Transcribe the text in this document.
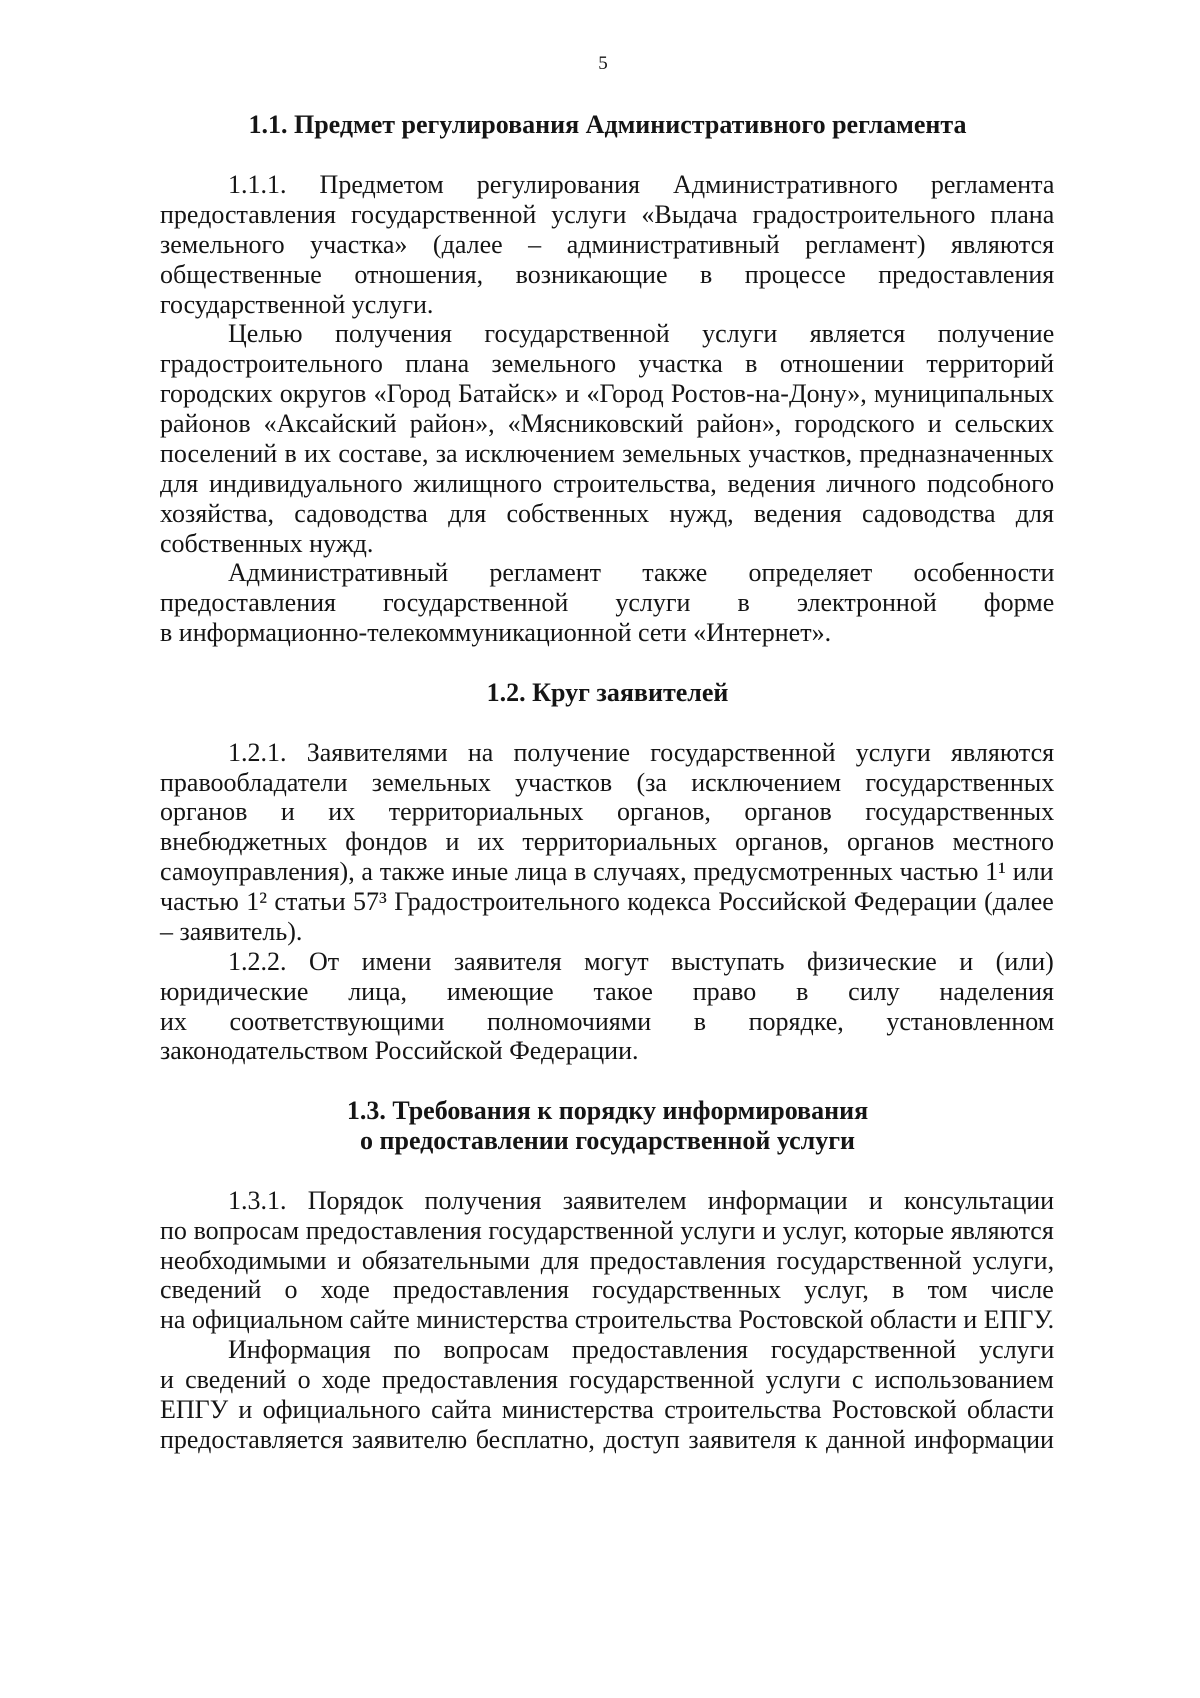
5
1.1. Предмет регулирования Административного регламента
1.1.1. Предметом регулирования Административного регламента
предоставления государственной услуги «Выдача градостроительного плана
земельного участка» (далее – административный регламент) являются
общественные отношения, возникающие в процессе предоставления
государственной услуги.
Целью получения государственной услуги является получение
градостроительного плана земельного участка в отношении территорий
городских округов «Город Батайск» и «Город Ростов-на-Дону», муниципальных
районов «Аксайский район», «Мясниковский район», городского и сельских
поселений в их составе, за исключением земельных участков, предназначенных
для индивидуального жилищного строительства, ведения личного подсобного
хозяйства, садоводства для собственных нужд, ведения садоводства для
собственных нужд.
Административный регламент также определяет особенности
предоставления государственной услуги в электронной форме
в информационно-телекоммуникационной сети «Интернет».
1.2. Круг заявителей
1.2.1. Заявителями на получение государственной услуги являются
правообладатели земельных участков (за исключением государственных
органов и их территориальных органов, органов государственных
внебюджетных фондов и их территориальных органов, органов местного
самоуправления), а также иные лица в случаях, предусмотренных частью 1¹ или
частью 1² статьи 57³ Градостроительного кодекса Российской Федерации (далее
– заявитель).
1.2.2. От имени заявителя могут выступать физические и (или)
юридические лица, имеющие такое право в силу наделения
их соответствующими полномочиями в порядке, установленном
законодательством Российской Федерации.
1.3. Требования к порядку информирования
о предоставлении государственной услуги
1.3.1. Порядок получения заявителем информации и консультации
по вопросам предоставления государственной услуги и услуг, которые являются
необходимыми и обязательными для предоставления государственной услуги,
сведений о ходе предоставления государственных услуг, в том числе
на официальном сайте министерства строительства Ростовской области и ЕПГУ.
Информация по вопросам предоставления государственной услуги
и сведений о ходе предоставления государственной услуги с использованием
ЕПГУ и официального сайта министерства строительства Ростовской области
предоставляется заявителю бесплатно, доступ заявителя к данной информации
